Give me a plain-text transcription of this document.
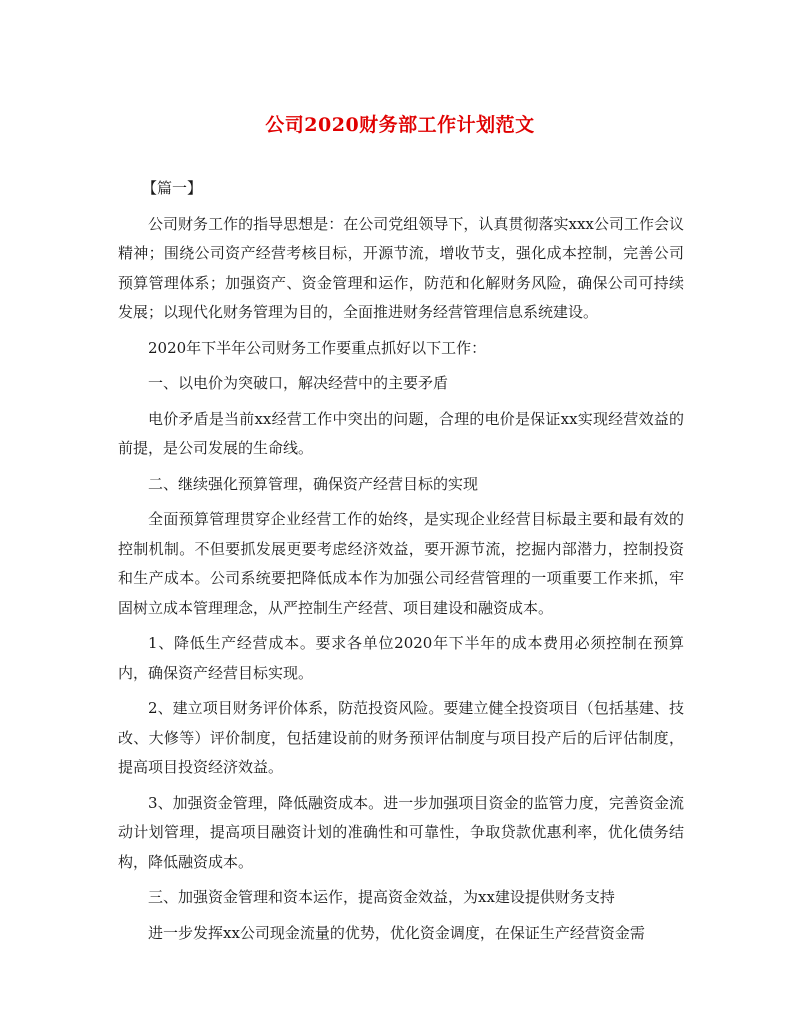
公司2020财务部工作计划范文

【篇一】

公司财务工作的指导思想是：在公司党组领导下，认真贯彻落实xxx公司工作会议精神；围绕公司资产经营考核目标，开源节流，增收节支，强化成本控制，完善公司预算管理体系；加强资产、资金管理和运作，防范和化解财务风险，确保公司可持续发展；以现代化财务管理为目的，全面推进财务经营管理信息系统建设。

2020年下半年公司财务工作要重点抓好以下工作：

一、以电价为突破口，解决经营中的主要矛盾

电价矛盾是当前xx经营工作中突出的问题，合理的电价是保证xx实现经营效益的前提，是公司发展的生命线。

二、继续强化预算管理，确保资产经营目标的实现

全面预算管理贯穿企业经营工作的始终，是实现企业经营目标最主要和最有效的控制机制。不但要抓发展更要考虑经济效益，要开源节流，挖掘内部潜力，控制投资和生产成本。公司系统要把降低成本作为加强公司经营管理的一项重要工作来抓，牢固树立成本管理理念，从严控制生产经营、项目建设和融资成本。

1、降低生产经营成本。要求各单位2020年下半年的成本费用必须控制在预算内，确保资产经营目标实现。

2、建立项目财务评价体系，防范投资风险。要建立健全投资项目（包括基建、技改、大修等）评价制度，包括建设前的财务预评估制度与项目投产后的后评估制度，提高项目投资经济效益。

3、加强资金管理，降低融资成本。进一步加强项目资金的监管力度，完善资金流动计划管理，提高项目融资计划的准确性和可靠性，争取贷款优惠利率，优化债务结构，降低融资成本。

三、加强资金管理和资本运作，提高资金效益，为xx建设提供财务支持

进一步发挥xx公司现金流量的优势，优化资金调度，在保证生产经营资金需
